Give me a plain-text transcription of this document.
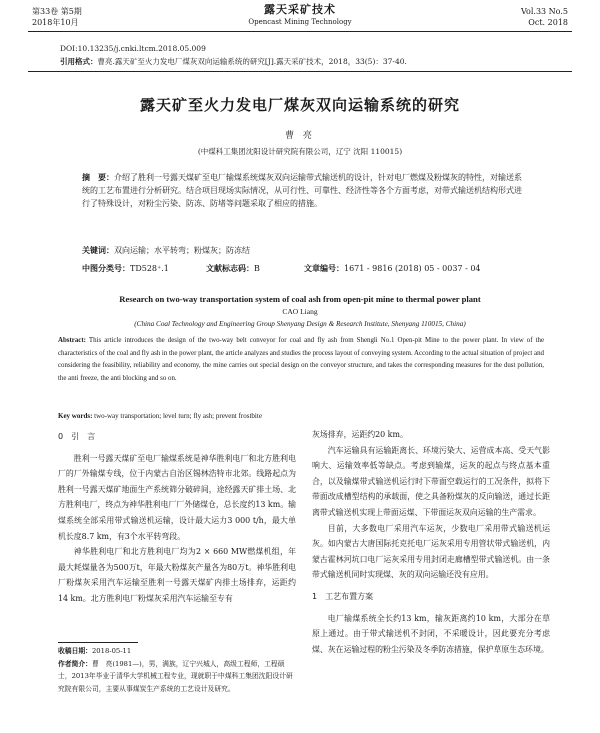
第33卷 第5期
2018年10月
露天采矿技术
Opencast Mining Technology
Vol.33 No.5
Oct. 2018
DOI:10.13235/j.cnki.ltcm.2018.05.009
引用格式：曹亮.露天矿至火力发电厂煤灰双向运输系统的研究[J].露天采矿技术，2018，33(5)：37-40.
露天矿至火力发电厂煤灰双向运输系统的研究
曹 亮
(中煤科工集团沈阳设计研究院有限公司，辽宁 沈阳 110015)
摘　要：介绍了胜利一号露天煤矿至电厂输煤系统煤灰双向运输带式输送机的设计，针对电厂燃煤及粉煤灰的特性，对输送系统的工艺布置进行分析研究。结合项目现场实际情况，从可行性、可靠性、经济性等各个方面考虑，对带式输送机结构形式进行了特殊设计，对粉尘污染、防冻、防堵等问题采取了相应的措施。
关键词：双向运输；水平转弯；粉煤灰；防冻结
中图分类号：TD528⁺.1	文献标志码：B	文章编号：1671 - 9816 (2018) 05 - 0037 - 04
Research on two-way transportation system of coal ash from open-pit mine to thermal power plant
CAO Liang
(China Coal Technology and Engineering Group Shenyang Design & Research Institute, Shenyang 110015, China)
Abstract: This article introduces the design of the two-way belt conveyor for coal and fly ash from Shengli No.1 Open-pit Mine to the power plant. In view of the characteristics of the coal and fly ash in the power plant, the article analyzes and studies the process layout of conveying system. According to the actual situation of project and considering the feasibility, reliability and economy, the mine carries out special design on the conveyor structure, and takes the corresponding measures for the dust pollution, the anti freeze, the anti blocking and so on.
Key words: two-way transportation; level turn; fly ash; prevent frostbite
0　引　言

胜利一号露天煤矿至电厂输煤系统是神华胜利电厂和北方胜利电厂的厂外输煤专线，位于内蒙古自治区锡林浩特市北郊。线路起点为胜利一号露天煤矿地面生产系统筛分破碎间，途经露天矿排土场、北方胜利电厂，终点为神华胜利电厂厂外储煤仓，总长度约13 km。输煤系统全部采用带式输送机运输，设计最大运力3 000 t/h，最大单机长度8.7 km，有3个水平转弯段。

神华胜利电厂和北方胜利电厂均为2 × 660 MW燃煤机组，年最大耗煤量各为500万t，年最大粉煤灰产量各为80万t。神华胜利电厂粉煤灰采用汽车运输至胜利一号露天煤矿内排土场排弃，运距约14 km。北方胜利电厂粉煤灰采用汽车运输至专有

灰场排弃，运距约20 km。

汽车运输具有运输距离长、环境污染大、运营成本高、受天气影响大、运输效率低等缺点。考虑到输煤，运灰的起点与终点基本重合，以及输煤带式输送机运行时下带面空载运行的工况条件，拟将下带面改成槽型结构的承载面，使之具备粉煤灰的反向输送，通过长距离带式输送机实现上带面运煤、下带面运灰双向运输的生产需求。

目前，大多数电厂采用汽车运灰，少数电厂采用带式输送机运灰。如内蒙古大唐国际托克托电厂运灰采用专用管状带式输送机，内蒙古霍林河坑口电厂运灰采用专用封闭走廊槽型带式输送机。由一条带式输送机同时实现煤、灰的双向运输还没有应用。

1　工艺布置方案

电厂输煤系统全长约13 km，输灰距离约10 km，大部分在草原上通过。由于带式输送机不封闭，不采暖设计，因此要充分考虑煤、灰在运输过程的粉尘污染及冬季防冻措施，保护草原生态环境。

收稿日期：2018-05-11
作者简介：曹　亮(1981—)，男，满族，辽宁兴城人，高级工程师，工程硕士，2013年毕业于清华大学机械工程专业，现就职于中煤科工集团沈阳设计研究院有限公司，主要从事煤炭生产系统的工艺设计及研究。
